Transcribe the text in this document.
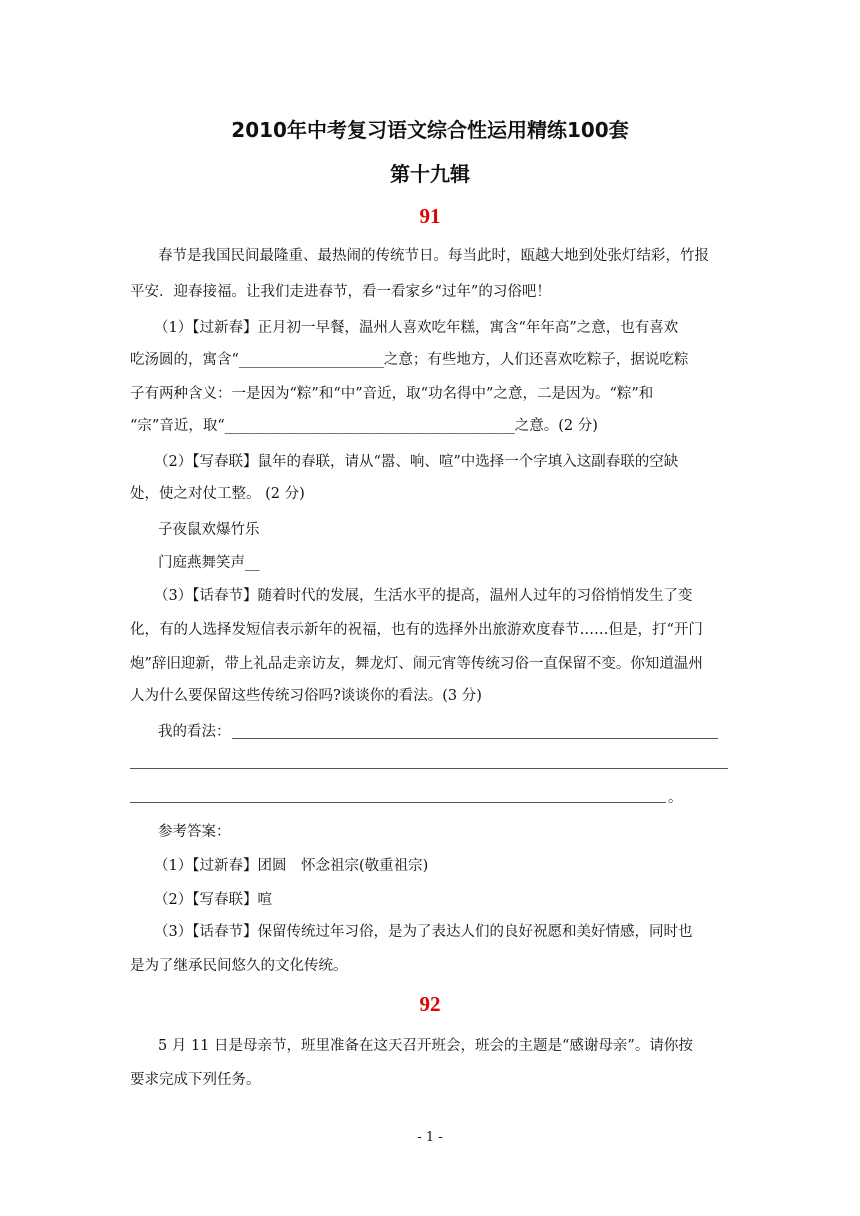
2010年中考复习语文综合性运用精练100套
第十九辑
91
春节是我国民间最隆重、最热闹的传统节日。每当此时，瓯越大地到处张灯结彩，竹报
平安．迎春接福。让我们走进春节，看一看家乡“过年”的习俗吧！
（1）【过新春】正月初一早餐，温州人喜欢吃年糕，寓含“年年高”之意，也有喜欢
吃汤圆的，寓含“____________________之意；有些地方，人们还喜欢吃粽子，据说吃粽
子有两种含义：一是因为“粽”和“中”音近，取“功名得中”之意，二是因为。“粽”和
“宗”音近，取“________________________________________之意。(2 分)
（2）【写春联】鼠年的春联，请从“嚣、响、喧”中选择一个字填入这副春联的空缺
处，使之对仗工整。 (2 分)
子夜鼠欢爆竹乐
门庭燕舞笑声__
（3）【话春节】随着时代的发展，生活水平的提高，温州人过年的习俗悄悄发生了变
化，有的人选择发短信表示新年的祝福，也有的选择外出旅游欢度春节……但是，打“开门
炮”辞旧迎新，带上礼品走亲访友，舞龙灯、闹元宵等传统习俗一直保留不变。你知道温州
人为什么要保留这些传统习俗吗?谈谈你的看法。(3 分)
我的看法：
。
参考答案：
（1）【过新春】团圆　怀念祖宗(敬重祖宗)
（2）【写春联】喧
（3）【话春节】保留传统过年习俗，是为了表达人们的良好祝愿和美好情感，同时也
是为了继承民间悠久的文化传统。
92
5 月 11 日是母亲节，班里准备在这天召开班会，班会的主题是“感谢母亲”。请你按
要求完成下列任务。
- 1 -
